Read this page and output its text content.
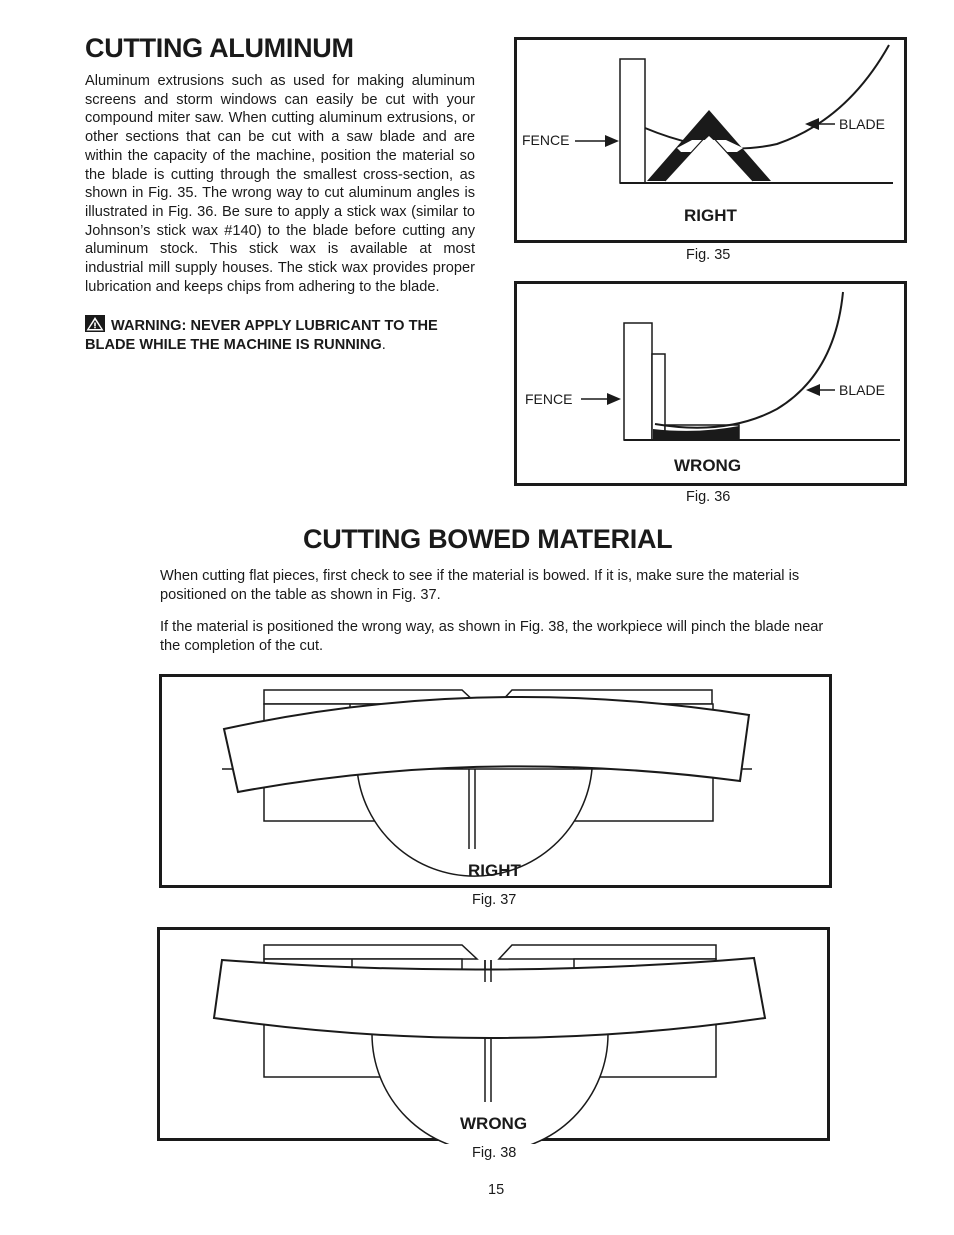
CUTTING ALUMINUM
Aluminum extrusions such as used for making aluminum screens and storm windows can easily be cut with your compound miter saw. When cutting aluminum extrusions, or other sections that can be cut with a saw blade and are within the capacity of the machine, position the material so the blade is cutting through the smallest cross-section, as shown in Fig. 35. The wrong way to cut aluminum angles is illustrated in Fig. 36. Be sure to apply a stick wax (similar to Johnson’s stick wax #140) to the blade before cutting any aluminum stock. This stick wax is available at most industrial mill supply houses. The stick wax provides proper lubrication and keeps chips from adhering to the blade.
WARNING: NEVER APPLY LUBRICANT TO THE BLADE WHILE THE MACHINE IS RUNNING.
FENCE
BLADE
RIGHT
Fig. 35
FENCE
BLADE
WRONG
Fig. 36
CUTTING BOWED MATERIAL
When cutting flat pieces, first check to see if the material is bowed. If it is, make sure the material is positioned on the table as shown in Fig. 37.
If the material is positioned the wrong way, as shown in Fig. 38, the workpiece will pinch the blade near the completion of the cut.
RIGHT
Fig. 37
WRONG
Fig. 38
15
